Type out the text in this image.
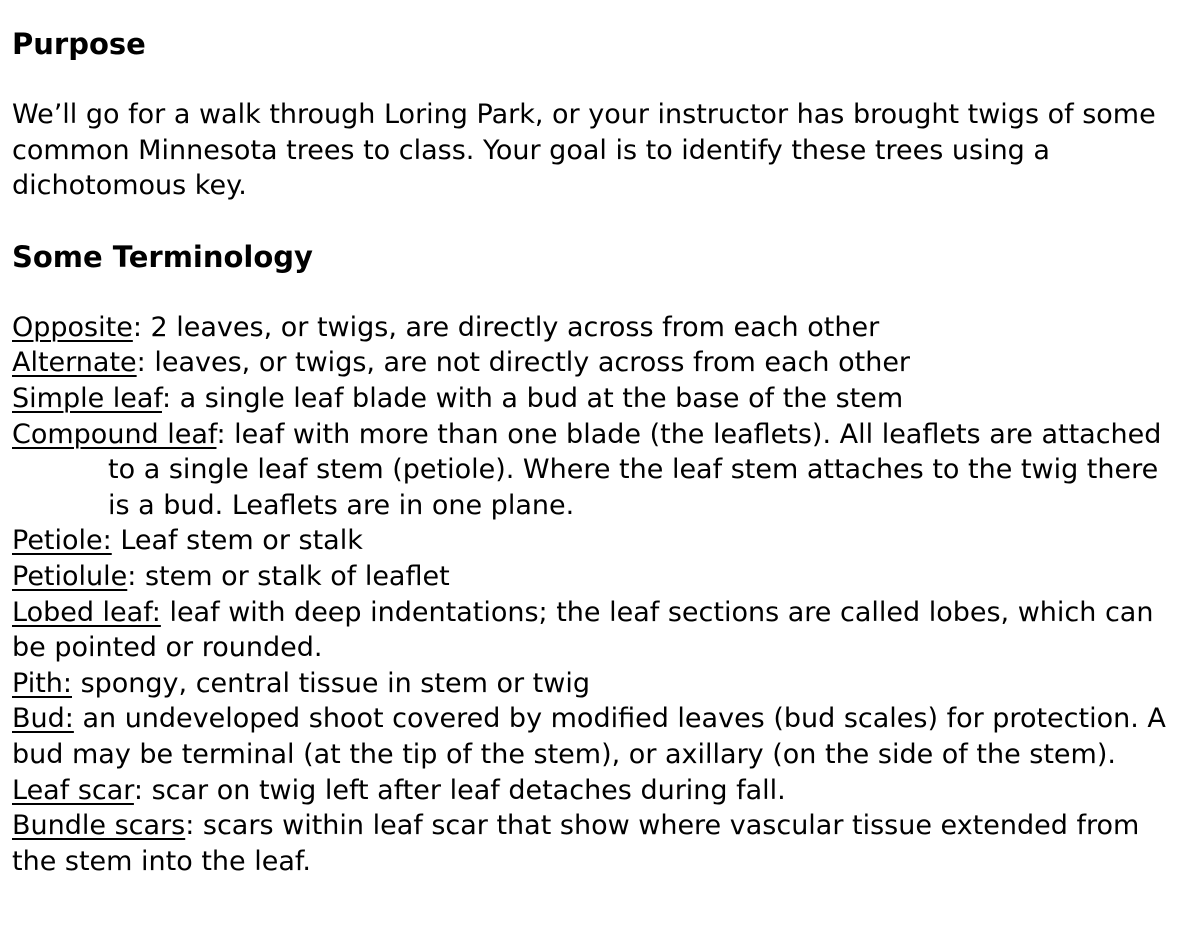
Purpose

We’ll go for a walk through Loring Park, or your instructor has brought twigs of some common Minnesota trees to class. Your goal is to identify these trees using a dichotomous key.

Some Terminology

Opposite: 2 leaves, or twigs, are directly across from each other

Alternate: leaves, or twigs, are not directly across from each other

Simple leaf: a single leaf blade with a bud at the base of the stem

Compound leaf: leaf with more than one blade (the leaflets). All leaflets are attached to a single leaf stem (petiole). Where the leaf stem attaches to the twig there is a bud. Leaflets are in one plane.

Petiole: Leaf stem or stalk

Petiolule: stem or stalk of leaflet

Lobed leaf: leaf with deep indentations; the leaf sections are called lobes, which can be pointed or rounded.

Pith: spongy, central tissue in stem or twig

Bud: an undeveloped shoot covered by modified leaves (bud scales) for protection. A bud may be terminal (at the tip of the stem), or axillary (on the side of the stem).

Leaf scar: scar on twig left after leaf detaches during fall.

Bundle scars: scars within leaf scar that show where vascular tissue extended from the stem into the leaf.
